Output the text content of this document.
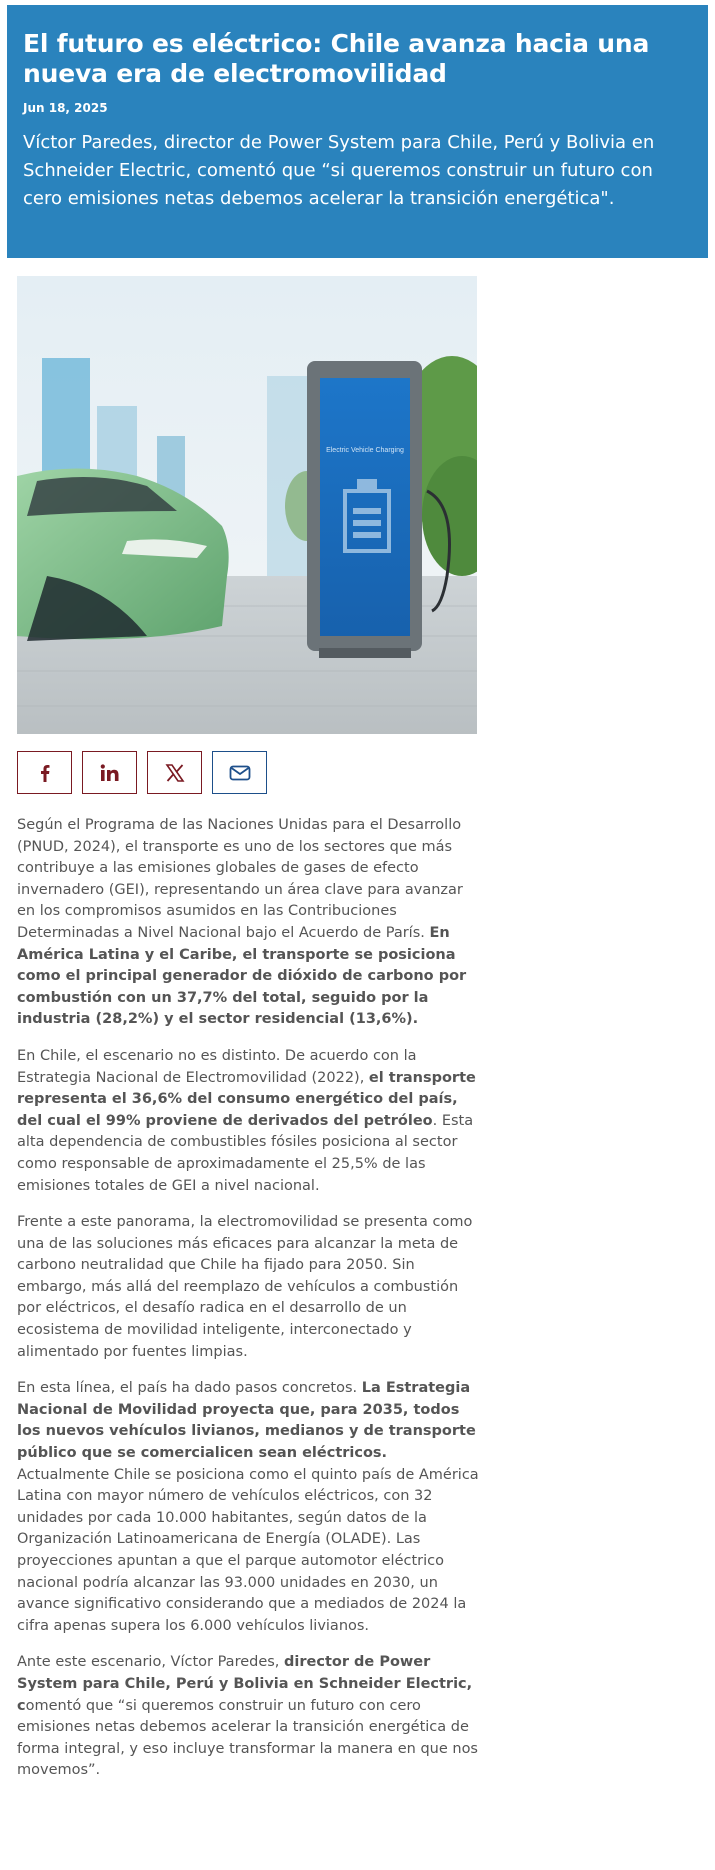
El futuro es eléctrico: Chile avanza hacia una nueva era de electromovilidad
Jun 18, 2025
Víctor Paredes, director de Power System para Chile, Perú y Bolivia en Schneider Electric, comentó que “si queremos construir un futuro con cero emisiones netas debemos acelerar la transición energética".
Electric Vehicle Charging

Según el Programa de las Naciones Unidas para el Desarrollo (PNUD, 2024), el transporte es uno de los sectores que más contribuye a las emisiones globales de gases de efecto invernadero (GEI), representando un área clave para avanzar en los compromisos asumidos en las Contribuciones Determinadas a Nivel Nacional bajo el Acuerdo de París. En América Latina y el Caribe, el transporte se posiciona como el principal generador de dióxido de carbono por combustión con un 37,7% del total, seguido por la industria (28,2%) y el sector residencial (13,6%).

En Chile, el escenario no es distinto. De acuerdo con la Estrategia Nacional de Electromovilidad (2022), el transporte representa el 36,6% del consumo energético del país, del cual el 99% proviene de derivados del petróleo. Esta alta dependencia de combustibles fósiles posiciona al sector como responsable de aproximadamente el 25,5% de las emisiones totales de GEI a nivel nacional.

Frente a este panorama, la electromovilidad se presenta como una de las soluciones más eficaces para alcanzar la meta de carbono neutralidad que Chile ha fijado para 2050. Sin embargo, más allá del reemplazo de vehículos a combustión por eléctricos, el desafío radica en el desarrollo de un ecosistema de movilidad inteligente, interconectado y alimentado por fuentes limpias.

En esta línea, el país ha dado pasos concretos. La Estrategia Nacional de Movilidad proyecta que, para 2035, todos los nuevos vehículos livianos, medianos y de transporte público que se comercialicen sean eléctricos. Actualmente Chile se posiciona como el quinto país de América Latina con mayor número de vehículos eléctricos, con 32 unidades por cada 10.000 habitantes, según datos de la Organización Latinoamericana de Energía (OLADE). Las proyecciones apuntan a que el parque automotor eléctrico nacional podría alcanzar las 93.000 unidades en 2030, un avance significativo considerando que a mediados de 2024 la cifra apenas supera los 6.000 vehículos livianos.

Ante este escenario, Víctor Paredes, director de Power System para Chile, Perú y Bolivia en Schneider Electric, comentó que “si queremos construir un futuro con cero emisiones netas debemos acelerar la transición energética de forma integral, y eso incluye transformar la manera en que nos movemos”.
